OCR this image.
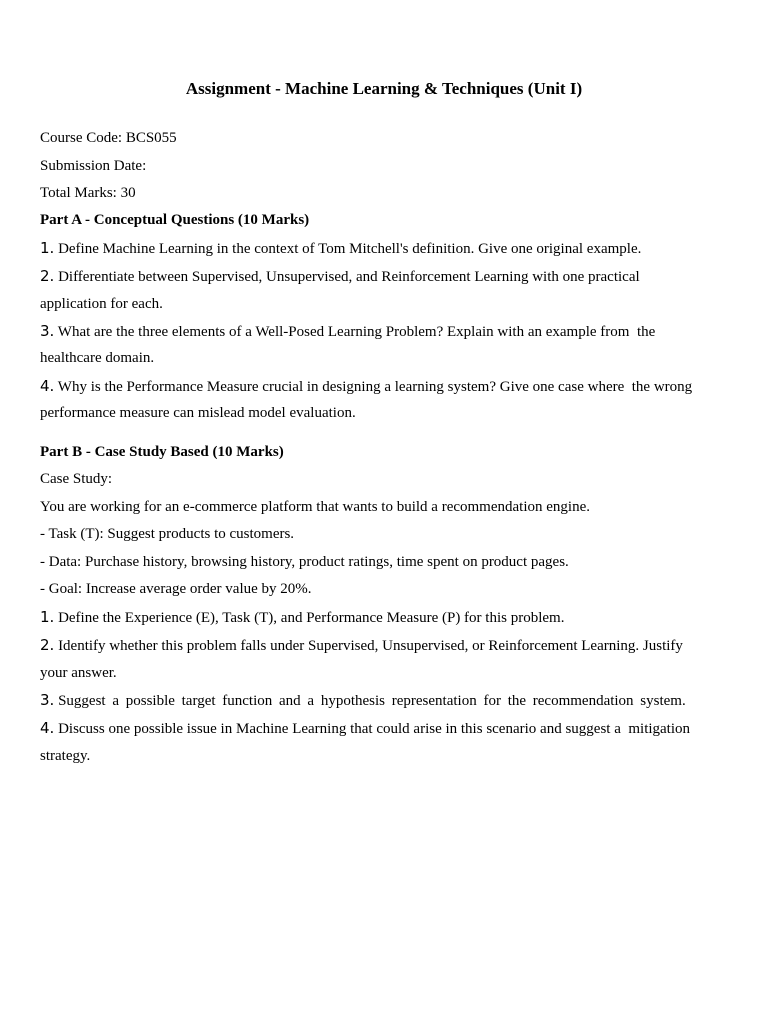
Assignment - Machine Learning & Techniques (Unit I)
Course Code: BCS055
Submission Date:
Total Marks: 30
Part A - Conceptual Questions (10 Marks)
1. Define Machine Learning in the context of Tom Mitchell's definition. Give one original example.
2. Differentiate between Supervised, Unsupervised, and Reinforcement Learning with one practical
application for each.
3. What are the three elements of a Well-Posed Learning Problem? Explain with an example from  the
healthcare domain.
4. Why is the Performance Measure crucial in designing a learning system? Give one case where  the wrong
performance measure can mislead model evaluation.
Part B - Case Study Based (10 Marks)
Case Study:
You are working for an e-commerce platform that wants to build a recommendation engine.
- Task (T): Suggest products to customers.
- Data: Purchase history, browsing history, product ratings, time spent on product pages.
- Goal: Increase average order value by 20%.
1. Define the Experience (E), Task (T), and Performance Measure (P) for this problem.
2. Identify whether this problem falls under Supervised, Unsupervised, or Reinforcement Learning. Justify
your answer.
3. Suggest a possible target function and a hypothesis representation for the recommendation system.
4. Discuss one possible issue in Machine Learning that could arise in this scenario and suggest a  mitigation
strategy.
